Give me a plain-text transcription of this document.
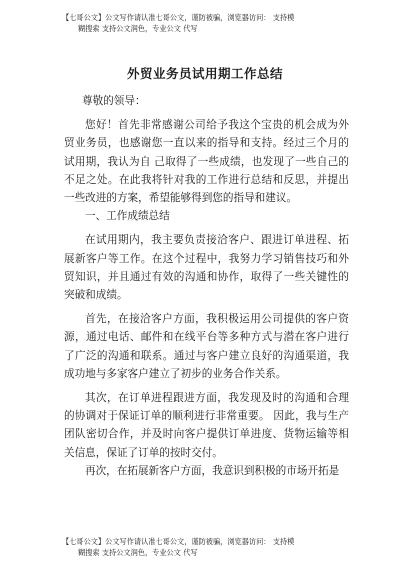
【七哥公文】公文写作请认准七哥公文，谨防被骗，浏览器访问： 支持模
糊搜索 支持公文润色，专业公文 代写
外贸业务员试用期工作总结

尊敬的领导：

您好！首先非常感谢公司给予我这个宝贵的机会成为外贸业务员，也感谢您一直以来的指导和支持。经过三个月的试用期，我认为自 己取得了一些成绩，也发现了一些自己的 不足之处。在此我将针对我的工作进行总结和反思，并提出 一些改进的方案，希望能够得到您的指导和建议。

一、工作成绩总结

在试用期内，我主要负责接洽客户、跟进订单进程、拓展新客户等工作。在这个过程中，我努力学习销售技巧和外贸知识，并且通过有效的沟通和协作，取得了一些关键性的突破和成绩。

首先，在接洽客户方面，我积极运用公司提供的客户资源，通过电话、邮件和在线平台等多种方式与潜在客户进行了广泛的沟通和联系。通过与客户建立良好的沟通渠道，我成功地与多家客户建立了初步的业务合作关系。

其次，在订单进程跟进方面，我发现及时的沟通和合理的协调对于保证订单的顺利进行非常重要。 因此，我与生产 团队密切合作，并及时向客户提供订单进度、货物运输等相 关信息，保证了订单的按时交付。

再次，在拓展新客户方面，我意识到积极的市场开拓是

【七哥公文】公文写作请认准七哥公文，谨防被骗，浏览器访问： 支持模
糊搜索 支持公文润色，专业公文 代写
